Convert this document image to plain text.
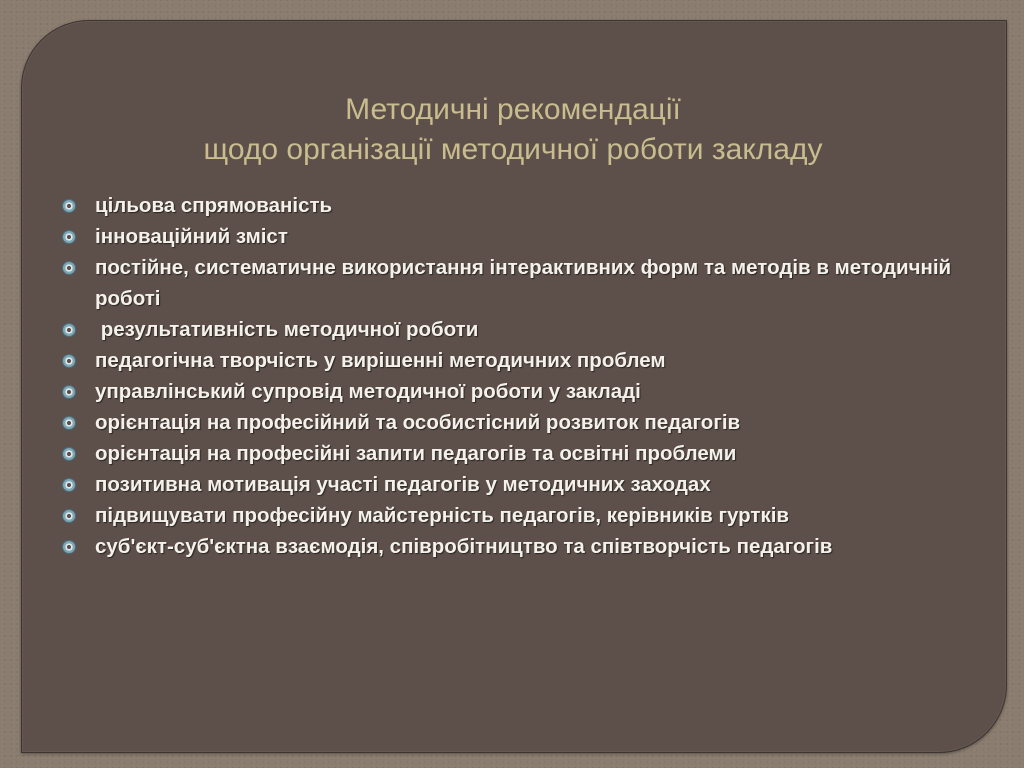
Методичні рекомендації
щодо організації методичної роботи закладу
цільова спрямованість
інноваційний зміст
постійне, систематичне використання інтерактивних форм та методів в методичній роботі
результативність методичної роботи
педагогічна творчість у вирішенні методичних проблем
управлінський супровід методичної роботи у закладі
орієнтація на професійний та особистісний розвиток педагогів
орієнтація на професійні запити педагогів та освітні проблеми
позитивна мотивація участі педагогів у методичних заходах
підвищувати професійну майстерність педагогів, керівників гуртків
суб'єкт-суб'єктна взаємодія, співробітництво та співтворчість педагогів
